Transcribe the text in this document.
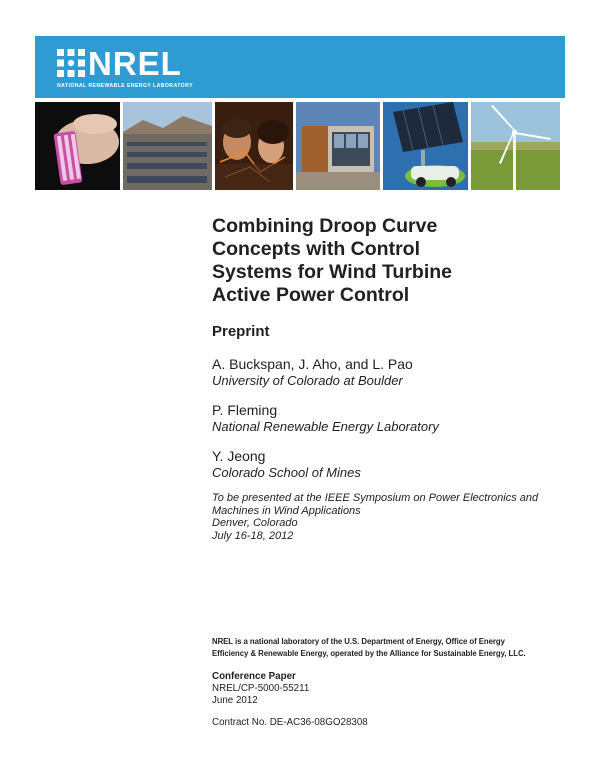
NREL
NATIONAL RENEWABLE ENERGY LABORATORY
Combining Droop Curve
Concepts with Control
Systems for Wind Turbine
Active Power Control
Preprint
A. Buckspan, J. Aho, and L. Pao
University of Colorado at Boulder
P. Fleming
National Renewable Energy Laboratory
Y. Jeong
Colorado School of Mines
To be presented at the IEEE Symposium on Power Electronics and
Machines in Wind Applications
Denver, Colorado
July 16-18, 2012
NREL is a national laboratory of the U.S. Department of Energy, Office of Energy
Efficiency & Renewable Energy, operated by the Alliance for Sustainable Energy, LLC.
Conference Paper
NREL/CP-5000-55211
June 2012
Contract No. DE-AC36-08GO28308
